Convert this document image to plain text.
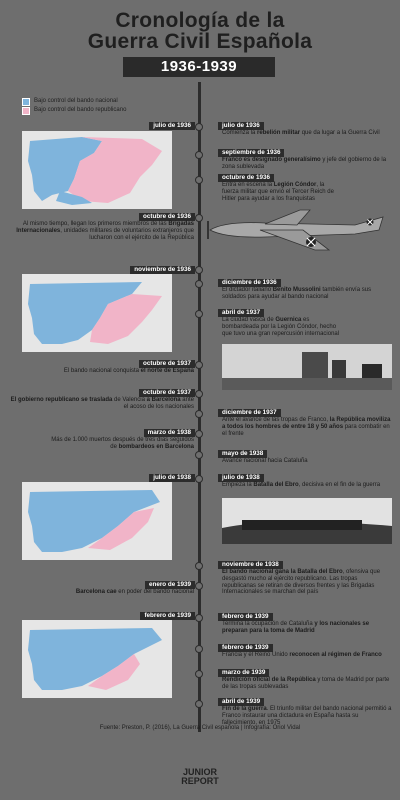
Cronología de la
Guerra Civil Española
1936-1939
Bajo control del bando nacional
Bajo control del bando republicano
julio de 1936
noviembre de 1936
julio de 1938
febrero de 1939
julio de 1936
Comienza la rebelión militar que da lugar a la Guerra Civil
septiembre de 1936
Franco es designado generalísimo y jefe del gobierno de la zona sublevada
octubre de 1936
Entra en escena la Legión Cóndor, la fuerza militar que envió el Tercer Reich de Hitler para ayudar a los franquistas
diciembre de 1936
El dictador italiano Benito Mussolini también envía sus soldados para ayudar al bando nacional
abril de 1937
La ciudad vasca de Guernica es bombardeada por la Legión Cóndor, hecho que tuvo una gran repercusión internacional
diciembre de 1937
Ante el avance de las tropas de Franco, la República moviliza a todos los hombres de entre 18 y 50 años para combatir en el frente
mayo de 1938
Avance nacional hacia Cataluña
julio de 1938
Empieza la Batalla del Ebro, decisiva en el fin de la guerra
noviembre de 1938
El bando nacional gana la Batalla del Ebro, ofensiva que desgastó mucho al ejército republicano. Las tropas republicanas se retiran de diversos frentes y las Brigadas Internacionales se marchan del país
febrero de 1939
Termina la ocupación de Cataluña y los nacionales se preparan para la toma de Madrid
febrero de 1939
Francia y el Reino Unido reconocen al régimen de Franco
marzo de 1939
Rendición oficial de la República y toma de Madrid por parte de las tropas sublevadas
abril de 1939
Fin de la guerra. El triunfo militar del bando nacional permitió a Franco instaurar una dictadura en España hasta su fallecimiento, en 1975
octubre de 1936
Al mismo tiempo, llegan los primeros miembros de las Brigadas Internacionales, unidades militares de voluntarios extranjeros que lucharon con el ejército de la República
octubre de 1937
El bando nacional conquista el norte de España
octubre de 1937
El gobierno republicano se traslada de Valencia a Barcelona ante el acoso de los nacionales
marzo de 1938
Más de 1.000 muertos después de tres días seguidos de bombardeos en Barcelona
enero de 1939
Barcelona cae en poder del bando nacional
Fuente: Preston, P. (2016), La Guerra Civil española | Infografía: Oriol Vidal
JUNIOR
REPORT
